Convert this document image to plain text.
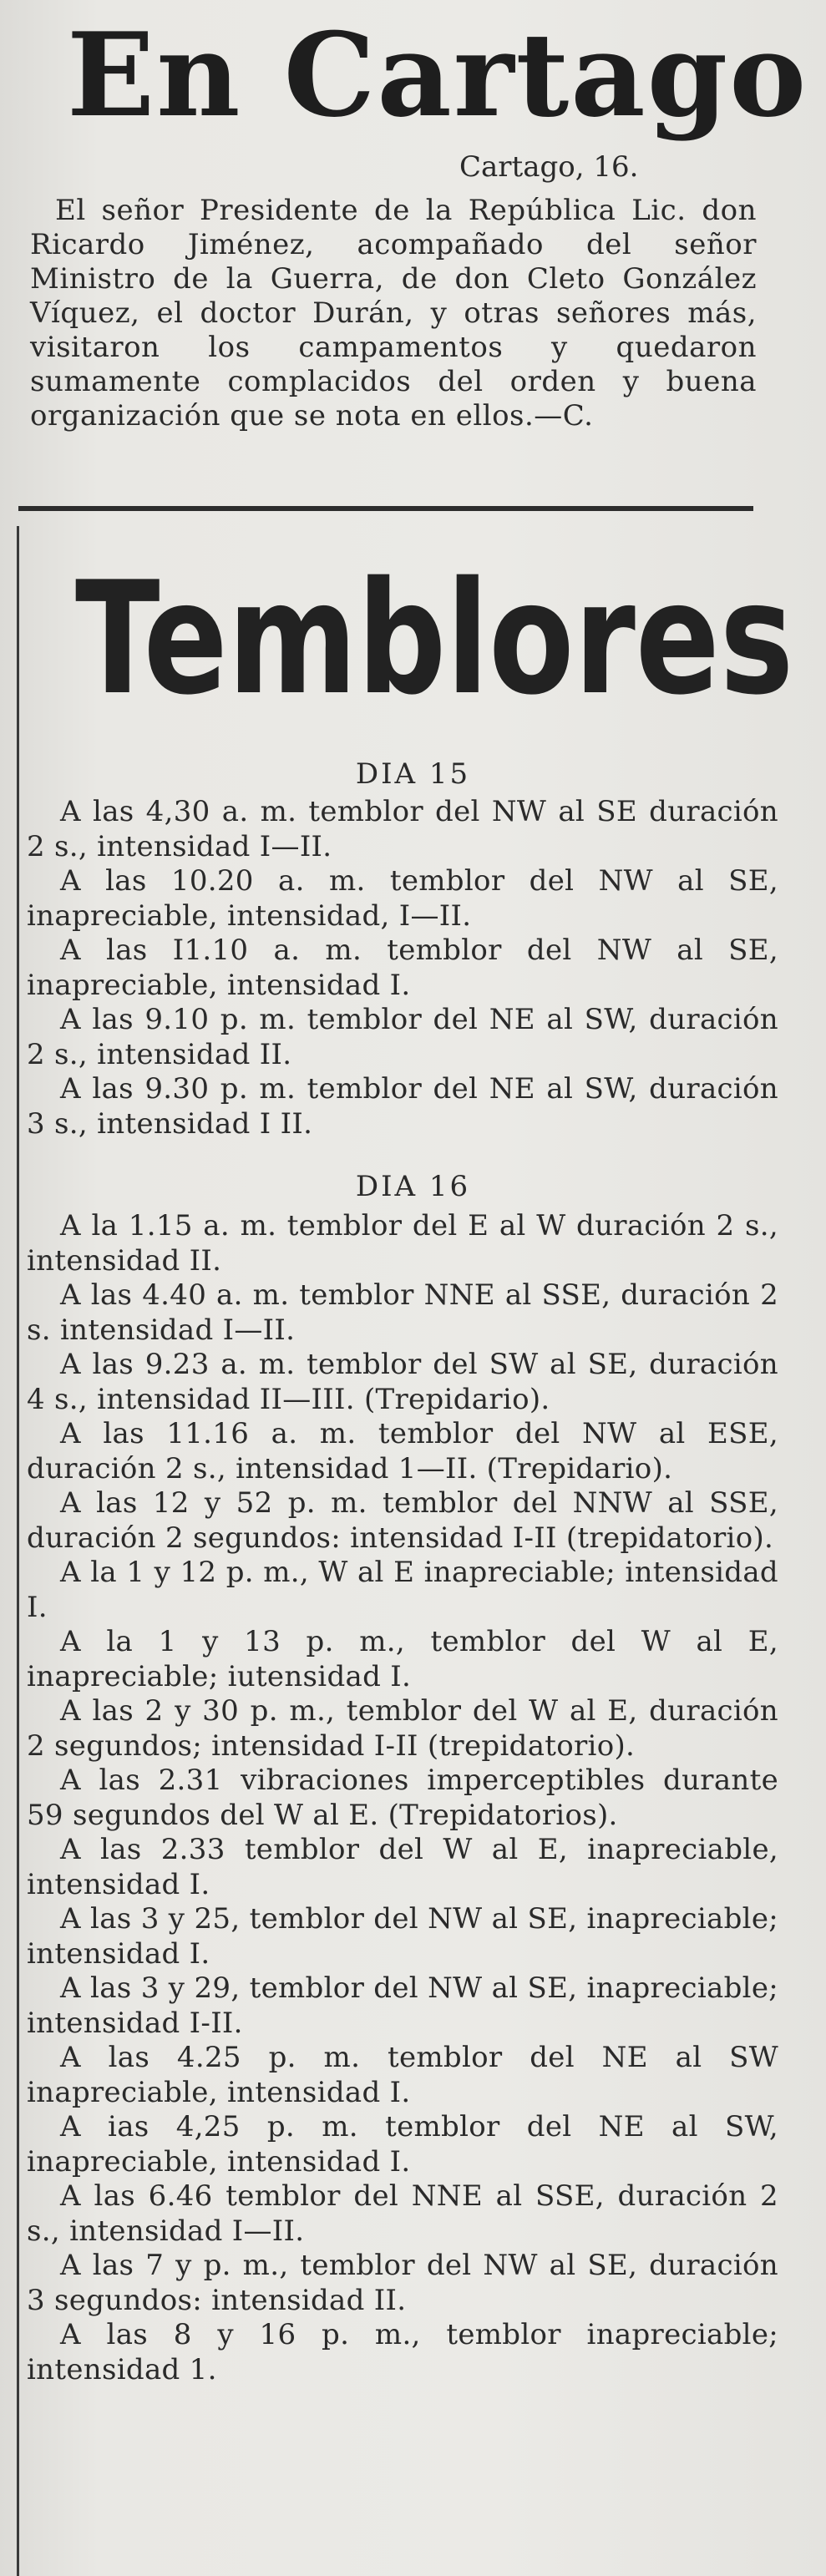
En Cartago
Cartago, 16.

El señor Presidente de la República Lic. don Ricardo Jiménez, acompañado del señor Ministro de la Guerra, de don Cleto González Víquez, el doctor Durán, y otras señores más, visitaron los campamentos y quedaron sumamente complacidos del orden y buena organización que se nota en ellos.—C.

Temblores
DIA 15

A las 4,30 a. m. temblor del NW al SE duración 2 s., intensidad I—II.

A las 10.20 a. m. temblor del NW al SE, inapreciable, intensidad, I—II.

A las I1.10 a. m. temblor del NW al SE, inapreciable, intensidad I.

A las 9.10 p. m. temblor del NE al SW, duración 2 s., intensidad II.

A las 9.30 p. m. temblor del NE al SW, duración 3 s., intensidad I II.

DIA 16

A la 1.15 a. m. temblor del E al W duración 2 s., intensidad II.

A las 4.40 a. m. temblor NNE al SSE, duración 2 s. intensidad I—II.

A las 9.23 a. m. temblor del SW al SE, duración 4 s., intensidad II—III. (Trepidario).

A las 11.16 a. m. temblor del NW al ESE, duración 2 s., intensidad 1—II. (Trepidario).

A las 12 y 52 p. m. temblor del NNW al SSE, duración 2 segundos: intensidad I-II (trepidatorio).

A la 1 y 12 p. m., W al E inapreciable; intensidad I.

A la 1 y 13 p. m., temblor del W al E, inapreciable; iutensidad I.

A las 2 y 30 p. m., temblor del W al E, duración 2 segundos; intensidad I-II (trepidatorio).

A las 2.31 vibraciones imperceptibles durante 59 segundos del W al E. (Trepidatorios).

A las 2.33 temblor del W al E, inapreciable, intensidad I.

A las 3 y 25, temblor del NW al SE, inapreciable; intensidad I.

A las 3 y 29, temblor del NW al SE, inapreciable; intensidad I-II.

A las 4.25 p. m. temblor del NE al SW inapreciable, intensidad I.

A ias 4,25 p. m. temblor del NE al SW, inapreciable, intensidad I.

A las 6.46 temblor del NNE al SSE, duración 2 s., intensidad I—II.

A las 7 y p. m., temblor del NW al SE, duración 3 segundos: intensidad II.

A las 8 y 16 p. m., temblor inapreciable; intensidad 1.
